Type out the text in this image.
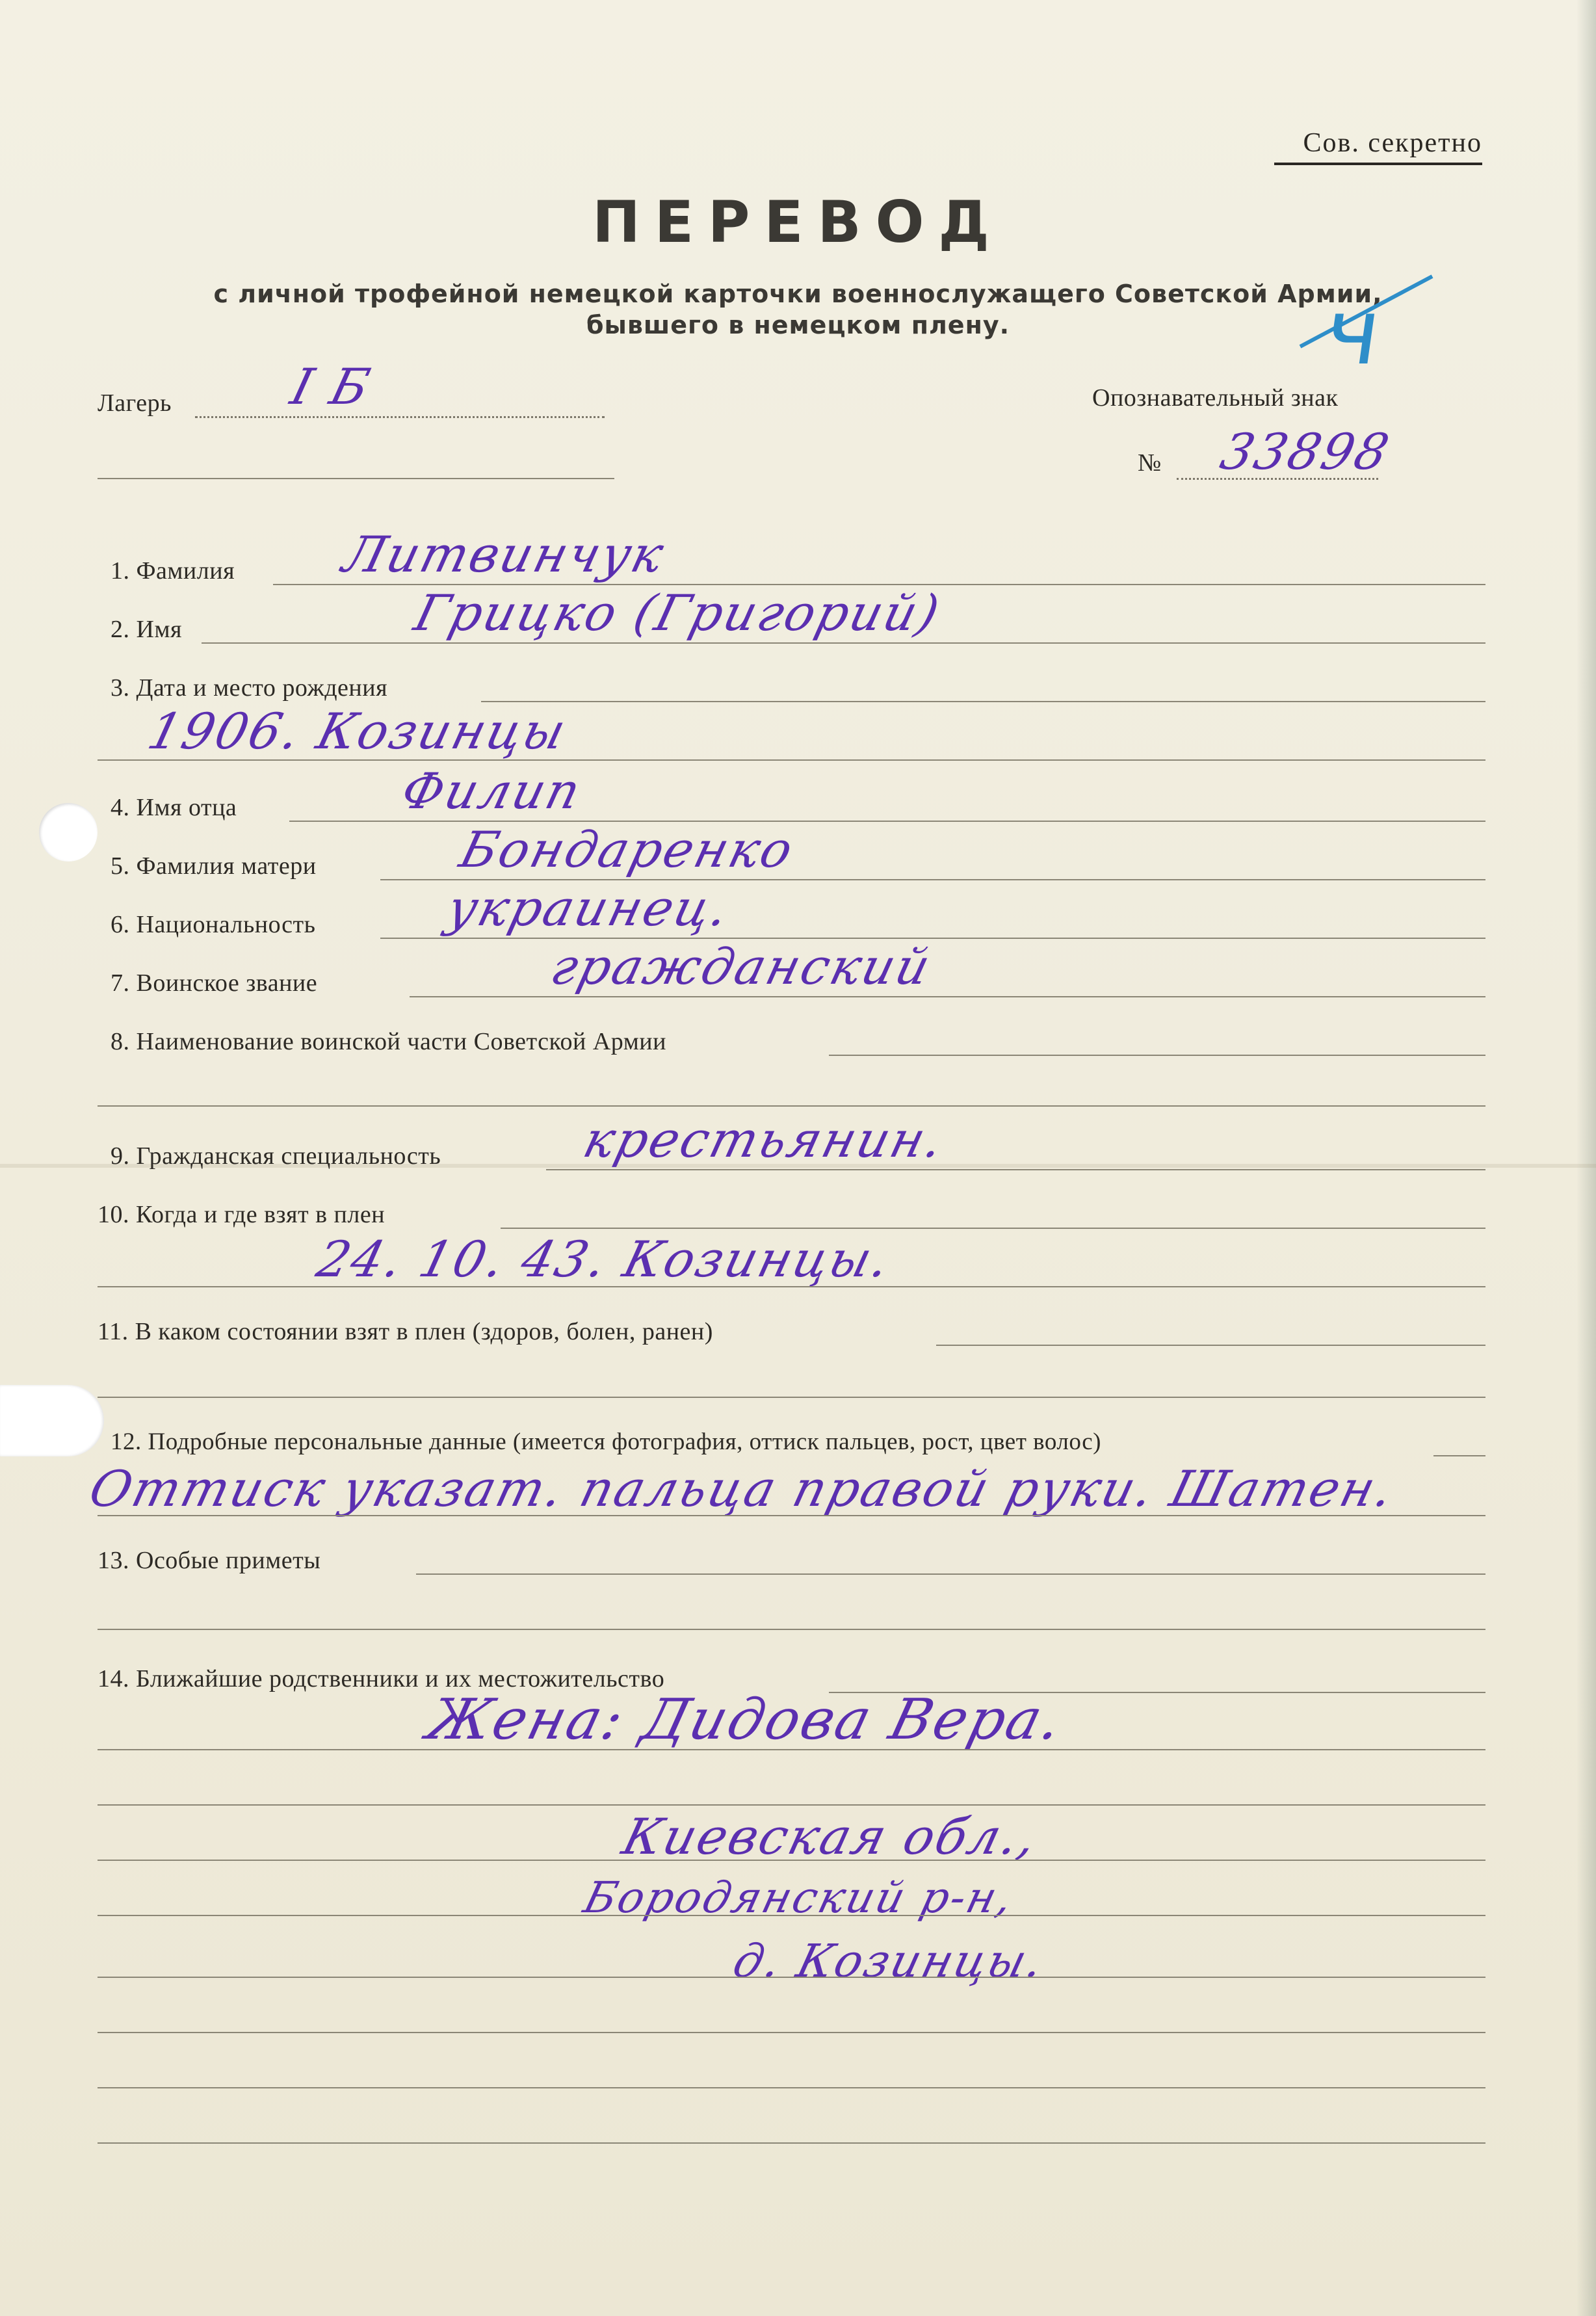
Сов. секретно
ПЕРЕВОД
с личной трофейной немецкой карточки военнослужащего Советской Армии,
бывшего в немецком плену.	ч
Лагерь I Б	Опознавательный знак
№ 33898
1. Фамилия Литвинчук
2. Имя	Грицко (Григорий)
3. Дата и место рождения
1906. Козинцы
4. Имя отца	Филип
5. Фамилия матери	Бондаренко
6. Национальность	украинец.
7. Воинское звание	гражданский
8. Наименование воинской части Советской Армии
9. Гражданская специальность	крестьянин.
10. Когда и где взят в плен
24. 10. 43. Козинцы.
11. В каком состоянии взят в плен (здоров, болен, ранен)
12. Подробные персональные данные (имеется фотография, оттиск пальцев, рост, цвет волос)
Оттиск указат. пальца правой руки. Шатен.
13. Особые приметы
14. Ближайшие родственники и их местожительство
Жена: Дидова Вера.
Киевская обл.,
Бородянский р-н,
д. Козинцы.
